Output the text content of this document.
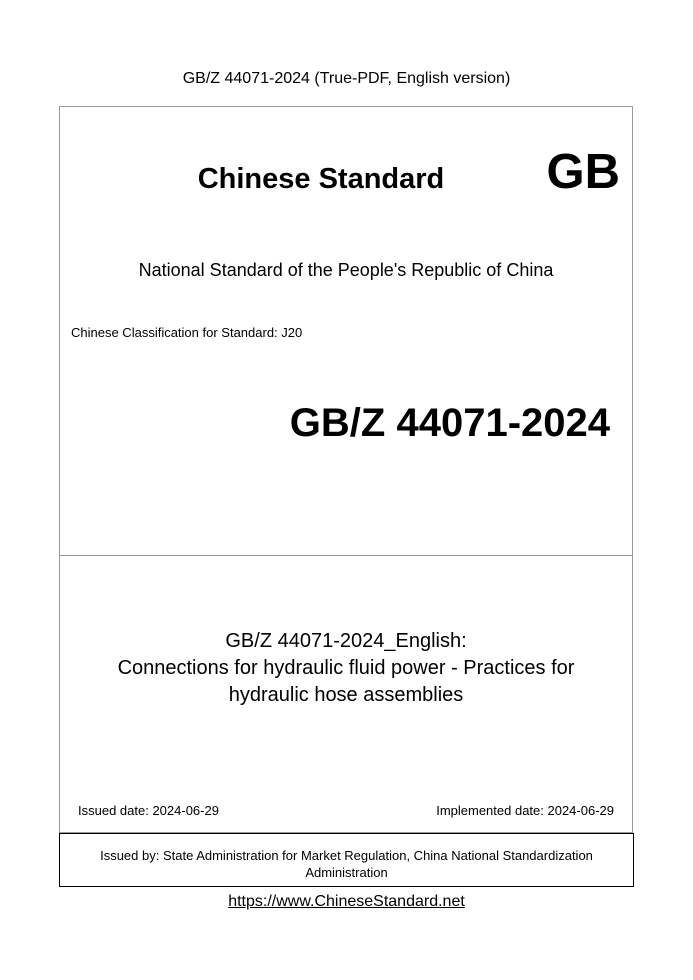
GB/Z 44071-2024 (True-PDF, English version)
Chinese Standard	GB
National Standard of the People's Republic of China
Chinese Classification for Standard: J20
GB/Z 44071-2024
GB/Z 44071-2024_English:
Connections for hydraulic fluid power - Practices for
hydraulic hose assemblies
Issued date: 2024-06-29	Implemented date: 2024-06-29
Issued by: State Administration for Market Regulation, China National Standardization Administration
https://www.ChineseStandard.net
